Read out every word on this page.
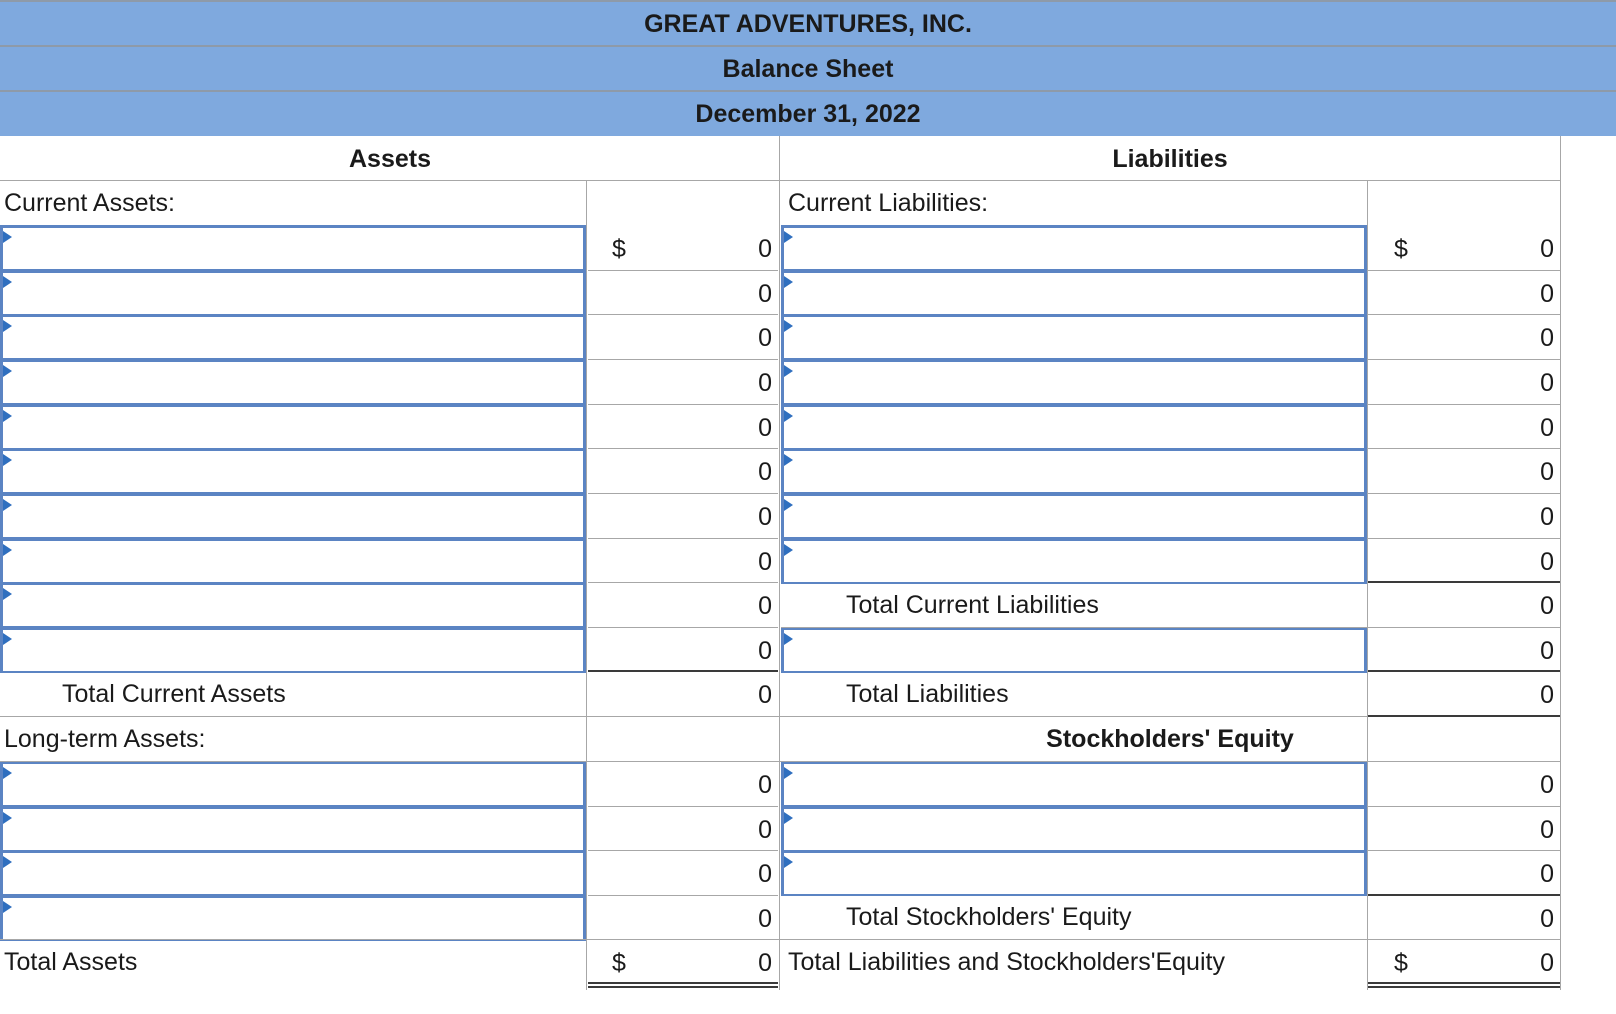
GREAT ADVENTURES, INC.
Balance Sheet
December 31, 2022
Assets	Liabilities
Current Assets:	Current Liabilities:
Total Current Assets
Long-term Assets:
Total Assets
Total Current Liabilities
Total Liabilities
Stockholders' Equity
Total Stockholders' Equity
Total Liabilities and Stockholders'Equity
$
$
$
$
0
0
0
0
0
0
0
0
0
0
0
0
0
0
0
0
0
0
0
0
0
0
0
0
0
0
0
0
0
0
0
0
